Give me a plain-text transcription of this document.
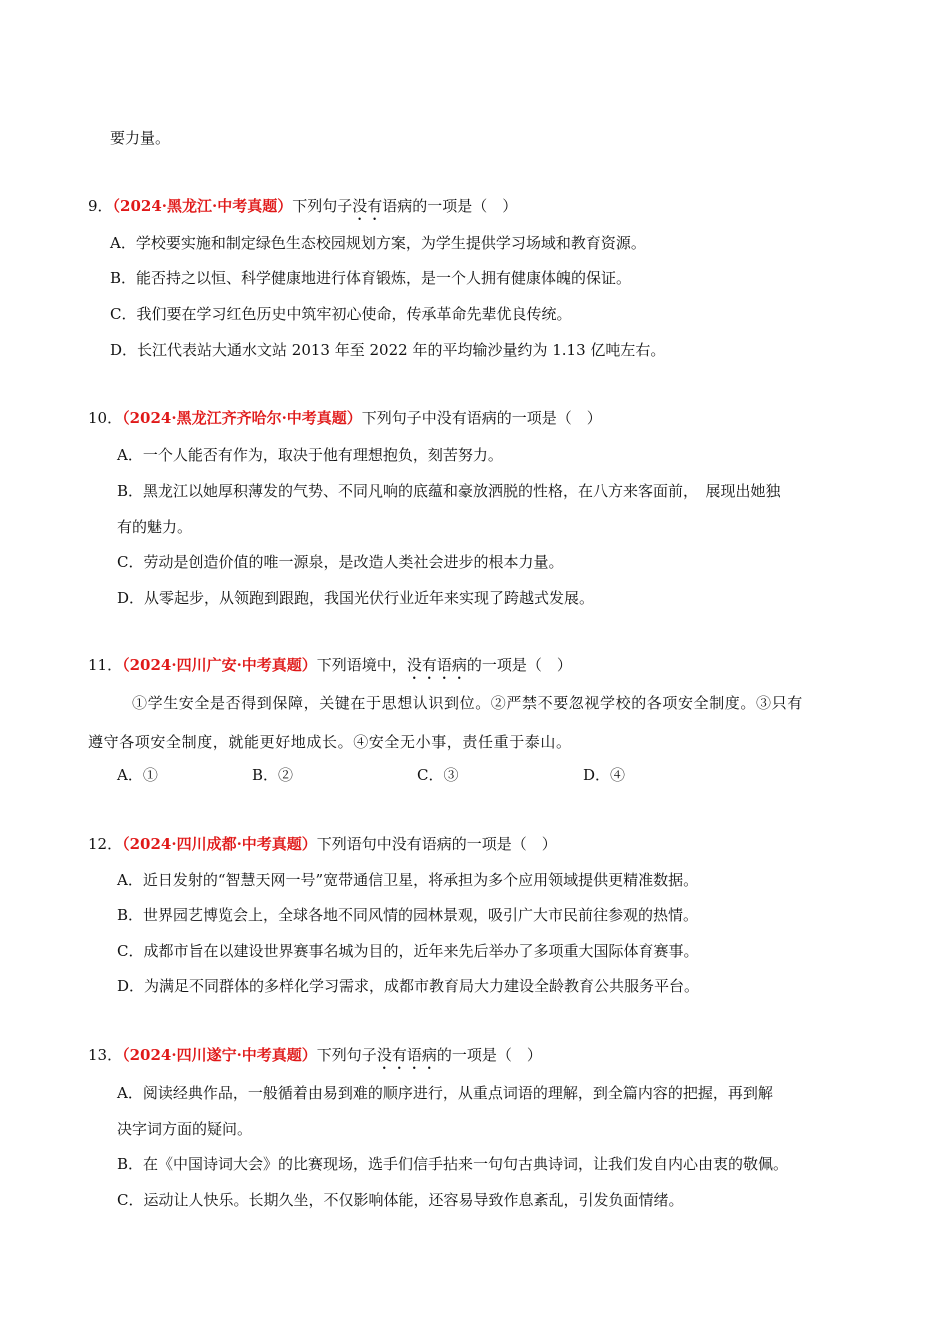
要力量。
9．（2024·黑龙江·中考真题）下列句子没有语病的一项是（　）
A．学校要实施和制定绿色生态校园规划方案，为学生提供学习场域和教育资源。
B．能否持之以恒、科学健康地进行体育锻炼，是一个人拥有健康体魄的保证。
C．我们要在学习红色历史中筑牢初心使命，传承革命先辈优良传统。
D．长江代表站大通水文站 2013 年至 2022 年的平均输沙量约为 1.13 亿吨左右。
10．（2024·黑龙江齐齐哈尔·中考真题）下列句子中没有语病的一项是（　）
A．一个人能否有作为，取决于他有理想抱负，刻苦努力。
B．黑龙江以她厚积薄发的气势、不同凡响的底蕴和豪放洒脱的性格，在八方来客面前，　展现出她独
有的魅力。
C．劳动是创造价值的唯一源泉，是改造人类社会进步的根本力量。
D．从零起步，从领跑到跟跑，我国光伏行业近年来实现了跨越式发展。
11．（2024·四川广安·中考真题）下列语境中，没有语病的一项是（　）
①学生安全是否得到保障，关键在于思想认识到位。②严禁不要忽视学校的各项安全制度。③只有
遵守各项安全制度，就能更好地成长。④安全无小事，责任重于泰山。
A．①	B．②	C．③	D．④
12．（2024·四川成都·中考真题）下列语句中没有语病的一项是（　）
A．近日发射的“智慧天网一号”宽带通信卫星，将承担为多个应用领域提供更精准数据。
B．世界园艺博览会上，全球各地不同风情的园林景观，吸引广大市民前往参观的热情。
C．成都市旨在以建设世界赛事名城为目的，近年来先后举办了多项重大国际体育赛事。
D．为满足不同群体的多样化学习需求，成都市教育局大力建设全龄教育公共服务平台。
13．（2024·四川遂宁·中考真题）下列句子没有语病的一项是（　）
A．阅读经典作品，一般循着由易到难的顺序进行，从重点词语的理解，到全篇内容的把握，再到解
决字词方面的疑问。
B．在《中国诗词大会》的比赛现场，选手们信手拈来一句句古典诗词，让我们发自内心由衷的敬佩。
C．运动让人快乐。长期久坐，不仅影响体能，还容易导致作息紊乱，引发负面情绪。
